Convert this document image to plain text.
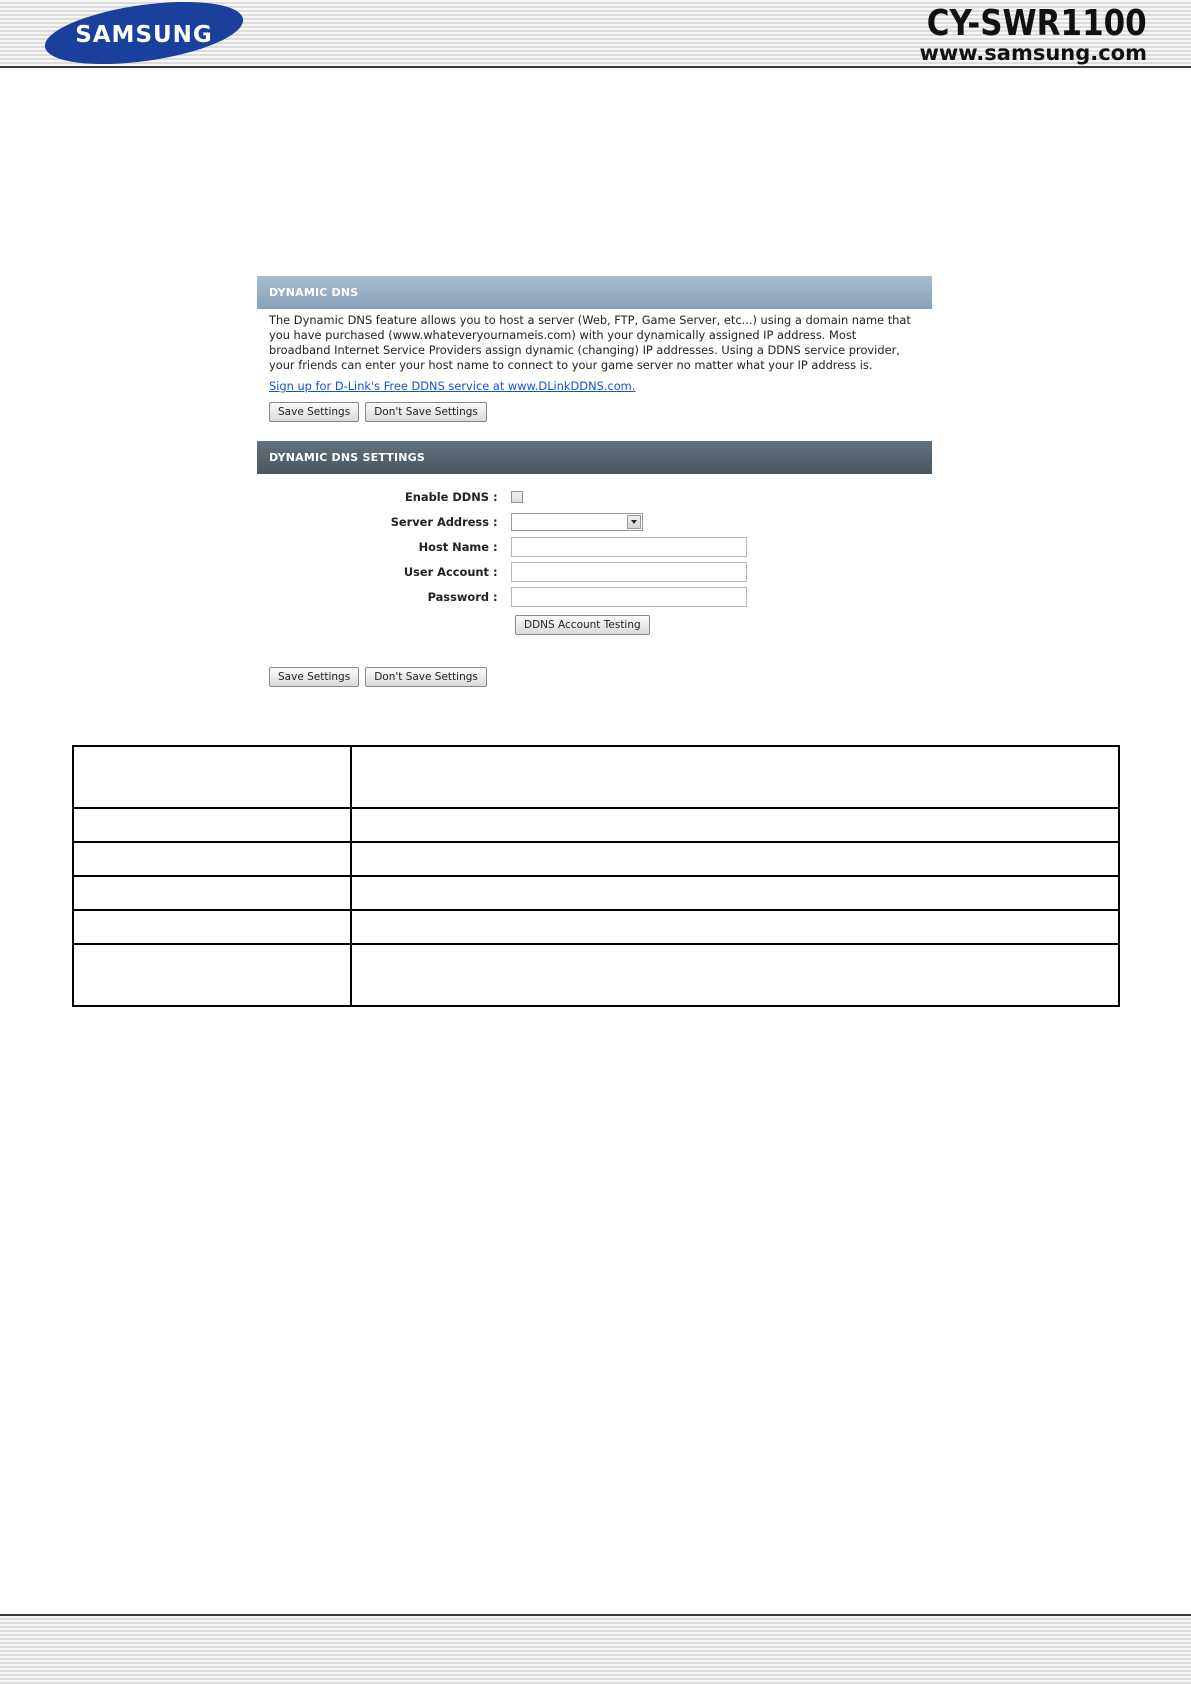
SAMSUNG	CY-SWR1100
www.samsung.com
DYNAMIC DNS

The Dynamic DNS feature allows you to host a server (Web, FTP, Game Server, etc...) using a domain name that you have purchased (www.whateveryournameis.com) with your dynamically assigned IP address. Most broadband Internet Service Providers assign dynamic (changing) IP addresses. Using a DDNS service provider, your friends can enter your host name to connect to your game server no matter what your IP address is.

Sign up for D-Link's Free DDNS service at www.DLinkDDNS.com.
Save Settings	Don't Save Settings
DYNAMIC DNS SETTINGS
Enable DDNS :
Server Address :
Host Name :
User Account :
Password :
DDNS Account Testing
Save Settings	Don't Save Settings
